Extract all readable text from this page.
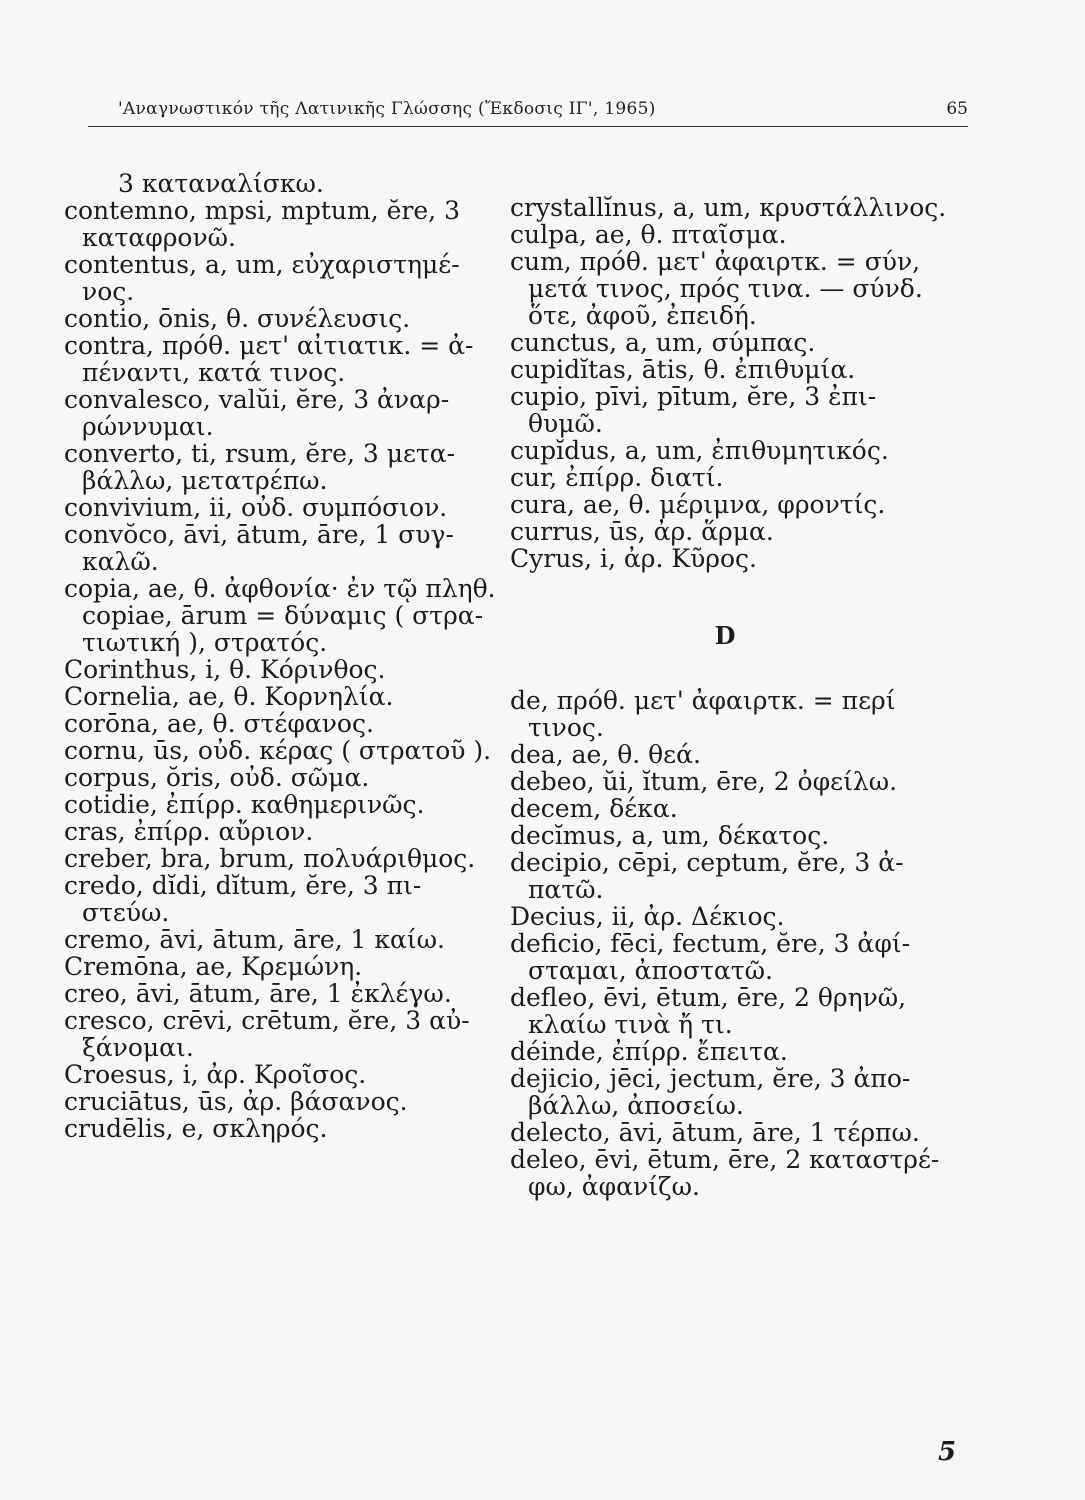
'Αναγνωστικόν τῆς Λατινικῆς Γλώσσης (Ἔκδοσις ΙΓ', 1965)	65
3 καταναλίσκω.
contemno, mpsi, mptum, ĕre, 3
καταφρονῶ.
contentus, a, um, εὐχαριστημέ-
νος.
contio, ōnis, θ. συνέλευσις.
contra, πρόθ. μετ' αἰτιατικ. = ἀ-
πέναντι, κατά τινος.
convalesco, valŭi, ĕre, 3 ἀναρ-
ρώννυμαι.
converto, ti, rsum, ĕre, 3 μετα-
βάλλω, μετατρέπω.
convivium, ii, οὐδ. συμπόσιον.
convŏco, āvi, ātum, āre, 1 συγ-
καλῶ.
copia, ae, θ. ἀφθονία· ἐν τῷ πληθ.
copiae, ārum = δύναμις ( στρα-
τιωτική ), στρατός.
Corinthus, i, θ. Κόρινθος.
Cornelia, ae, θ. Κορνηλία.
corōna, ae, θ. στέφανος.
cornu, ūs, οὐδ. κέρας ( στρατοῦ ).
corpus, ŏris, οὐδ. σῶμα.
cotidie, ἐπίρρ. καθημερινῶς.
cras, ἐπίρρ. αὔριον.
creber, bra, brum, πολυάριθμος.
credo, dĭdi, dĭtum, ĕre, 3 πι-
στεύω.
cremo, āvi, ātum, āre, 1 καίω.
Cremōna, ae, Κρεμώνη.
creo, āvi, ātum, āre, 1 ἐκλέγω.
cresco, crēvi, crētum, ĕre, 3 αὐ-
ξάνομαι.
Croesus, i, ἀρ. Κροῖσος.
cruciātus, ūs, ἀρ. βάσανος.
crudēlis, e, σκληρός.
crystallĭnus, a, um, κρυστάλλινος.
culpa, ae, θ. πταῖσμα.
cum, πρόθ. μετ' ἀφαιρτκ. = σύν,
μετά τινος, πρός τινα. — σύνδ.
ὅτε, ἀφοῦ, ἐπειδή.
cunctus, a, um, σύμπας.
cupidĭtas, ātis, θ. ἐπιθυμία.
cupio, pīvi, pītum, ĕre, 3 ἐπι-
θυμῶ.
cupĭdus, a, um, ἐπιθυμητικός.
cur, ἐπίρρ. διατί.
cura, ae, θ. μέριμνα, φροντίς.
currus, ūs, ἀρ. ἅρμα.
Cyrus, i, ἀρ. Κῦρος.
D
de, πρόθ. μετ' ἀφαιρτκ. = περί
τινος.
dea, ae, θ. θεά.
debeo, ŭi, ĭtum, ēre, 2 ὀφείλω.
decem, δέκα.
decĭmus, a, um, δέκατος.
decipio, cēpi, ceptum, ĕre, 3 ἀ-
πατῶ.
Decius, ii, ἀρ. Δέκιος.
deficio, fēci, fectum, ĕre, 3 ἀφί-
σταμαι, ἀποστατῶ.
defleo, ēvi, ētum, ēre, 2 θρηνῶ,
κλαίω τινὰ ἤ τι.
déinde, ἐπίρρ. ἔπειτα.
dejicio, jēci, jectum, ĕre, 3 ἀπο-
βάλλω, ἀποσείω.
delecto, āvi, ātum, āre, 1 τέρπω.
deleo, ēvi, ētum, ēre, 2 καταστρέ-
φω, ἀφανίζω.
5
